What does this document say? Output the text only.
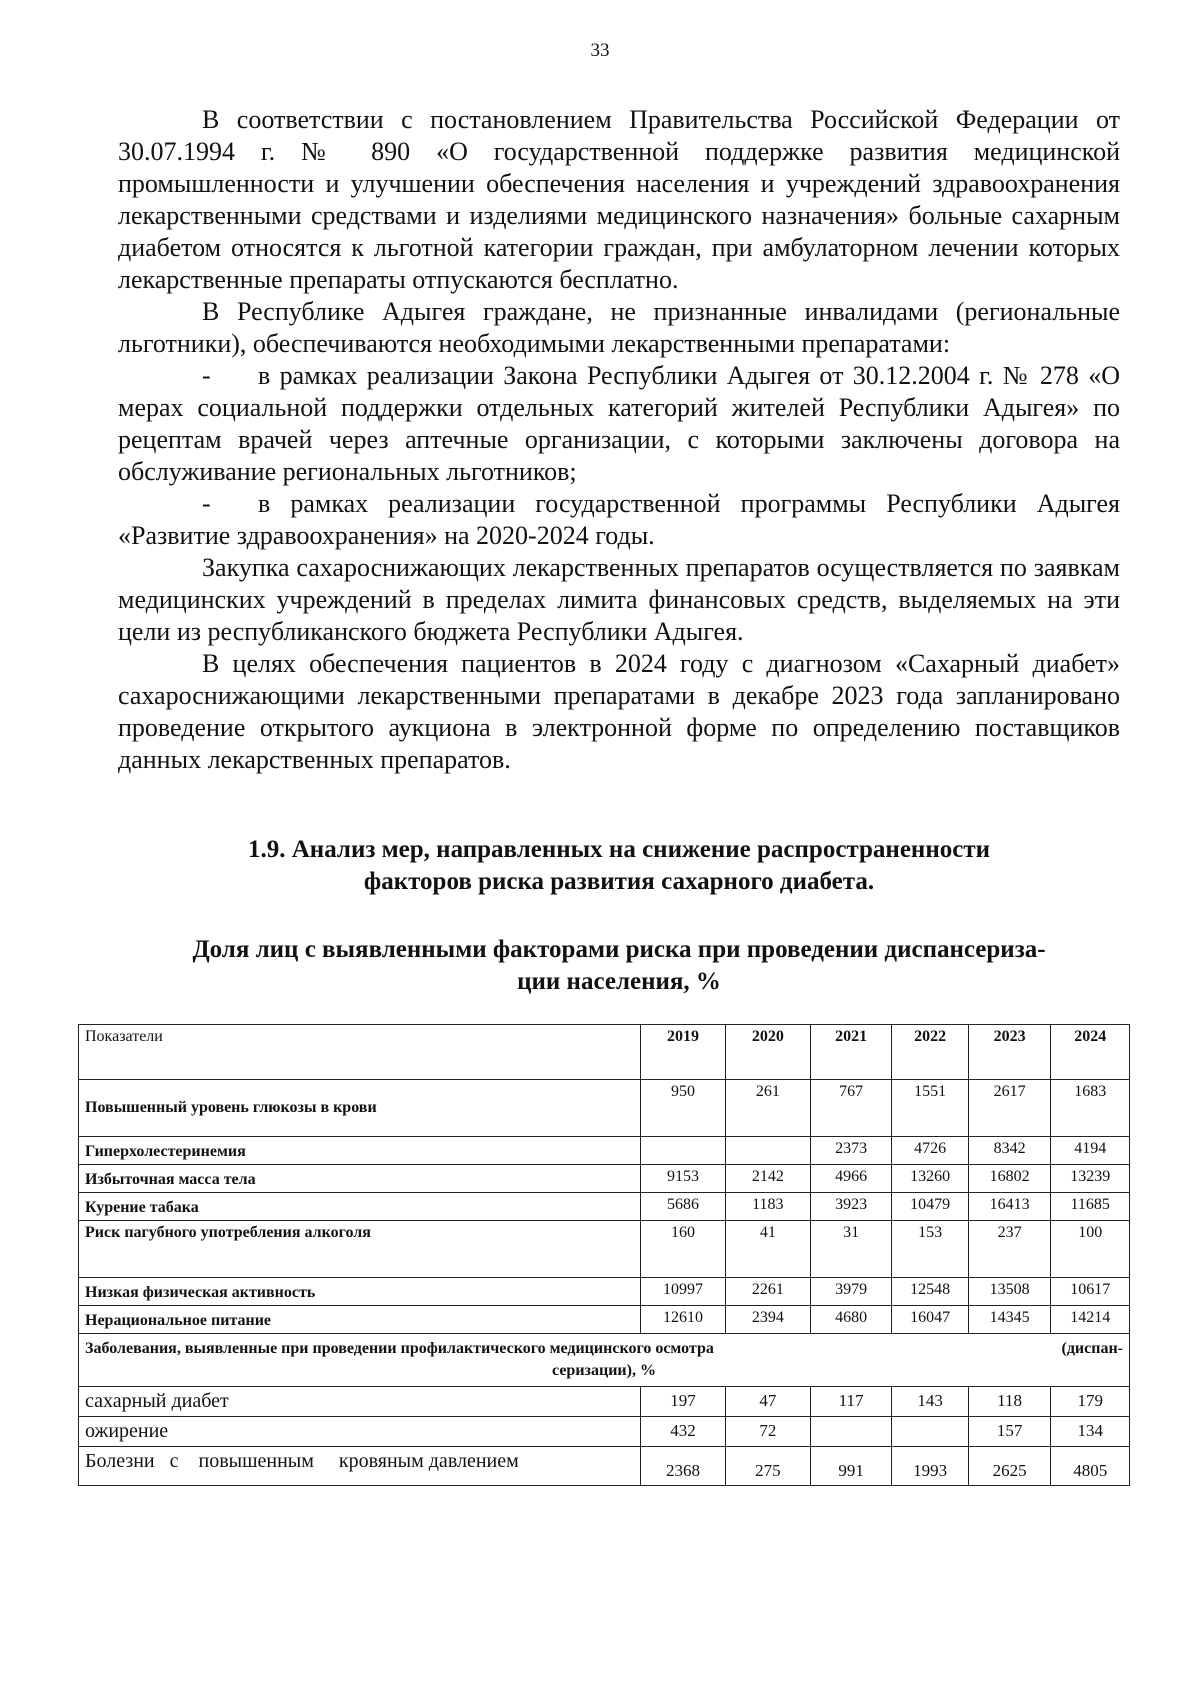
33

В соответствии с постановлением Правительства Российской Федерации от 30.07.1994 г. № 890 «О государственной поддержке развития медицинской промышленности и улучшении обеспечения населения и учреждений здравоохранения лекарственными средствами и изделиями медицинского назначения» больные сахарным диабетом относятся к льготной категории граждан, при амбулаторном лечении которых лекарственные препараты отпускаются бесплатно.

В Республике Адыгея граждане, не признанные инвалидами (региональные льготники), обеспечиваются необходимыми лекарственными препаратами:

- в рамках реализации Закона Республики Адыгея от 30.12.2004 г. № 278 «О мерах социальной поддержки отдельных категорий жителей Республики Адыгея» по рецептам врачей через аптечные организации, с которыми заключены договора на обслуживание региональных льготников;

- в рамках реализации государственной программы Республики Адыгея «Развитие здравоохранения» на 2020-2024 годы.

Закупка сахароснижающих лекарственных препаратов осуществляется по заявкам медицинских учреждений в пределах лимита финансовых средств, выделяемых на эти цели из республиканского бюджета Республики Адыгея.

В целях обеспечения пациентов в 2024 году с диагнозом «Сахарный диабет» сахароснижающими лекарственными препаратами в декабре 2023 года запланировано проведение открытого аукциона в электронной форме по определению поставщиков данных лекарственных препаратов.

1.9. Анализ мер, направленных на снижение распространенности
факторов риска развития сахарного диабета.
Доля лиц с выявленными факторами риска при проведении диспансериза-
ции населения, %
Показатели	2019	2020	2021	2022	2023	2024
Повышенный уровень глюкозы в крови	950	261	767	1551	2617	1683
Гиперхолестеринемия			2373	4726	8342	4194
Избыточная масса тела	9153	2142	4966	13260	16802	13239
Курение табака	5686	1183	3923	10479	16413	11685
Риск пагубного употребления алкоголя	160	41	31	153	237	100
Низкая физическая активность	10997	2261	3979	12548	13508	10617
Нерациональное питание	12610	2394	4680	16047	14345	14214

Заболевания, выявленные при проведении профилактического медицинского осмотра (диспан-
серизации), %						

сахарный диабет	197	47	117	143	118	179
ожирение	432	72			157	134
Болезни   с    повышенным     кровяным давлением	2368	275	991	1993	2625	4805
